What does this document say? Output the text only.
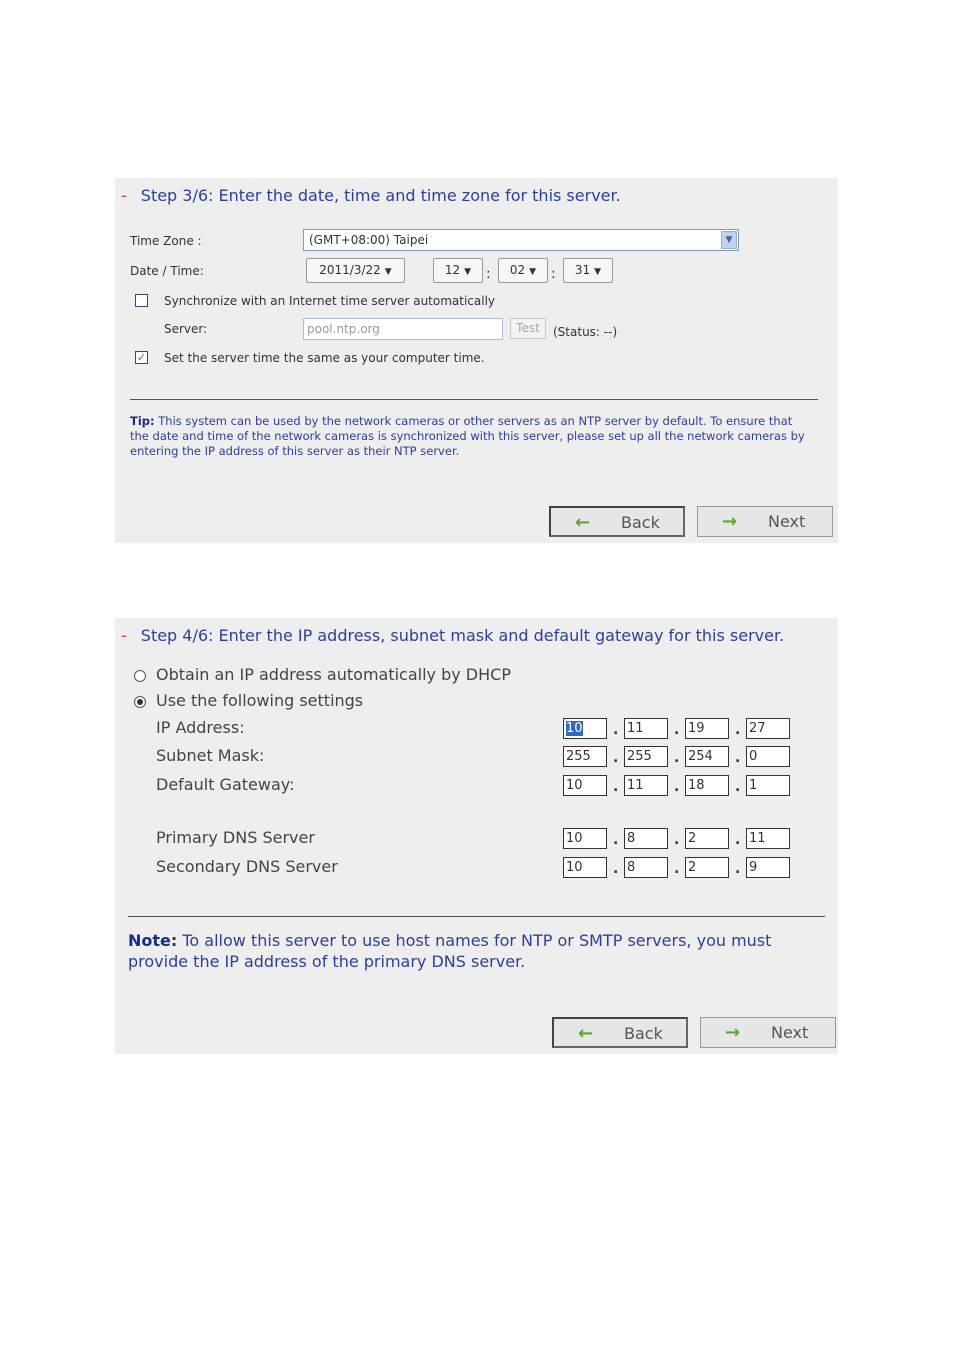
- Step 3/6: Enter the date, time and time zone for this server.
Time Zone :	(GMT+08:00) Taipei	▼
Date / Time:	2011/3/22 ▼	12 ▼	:	02 ▼	:	31 ▼
Synchronize with an Internet time server automatically
Server:	pool.ntp.org	Test	(Status: --)
✓ Set the server time the same as your computer time.
Tip: This system can be used by the network cameras or other servers as an NTP server by default. To ensure that the date and time of the network cameras is synchronized with this server, please set up all the network cameras by entering the IP address of this server as their NTP server.
← Back	→ Next
- Step 4/6: Enter the IP address, subnet mask and default gateway for this server.
Obtain an IP address automatically by DHCP
Use the following settings
IP Address:	10	. 11	. 19	. 27
Subnet Mask:	255	. 255	. 254	. 0
Default Gateway:	10	. 11	. 18	. 1
Primary DNS Server	10	. 8	. 2	. 11
Secondary DNS Server	10	. 8	. 2	. 9
Note: To allow this server to use host names for NTP or SMTP servers, you must provide the IP address of the primary DNS server.
← Back	→ Next
